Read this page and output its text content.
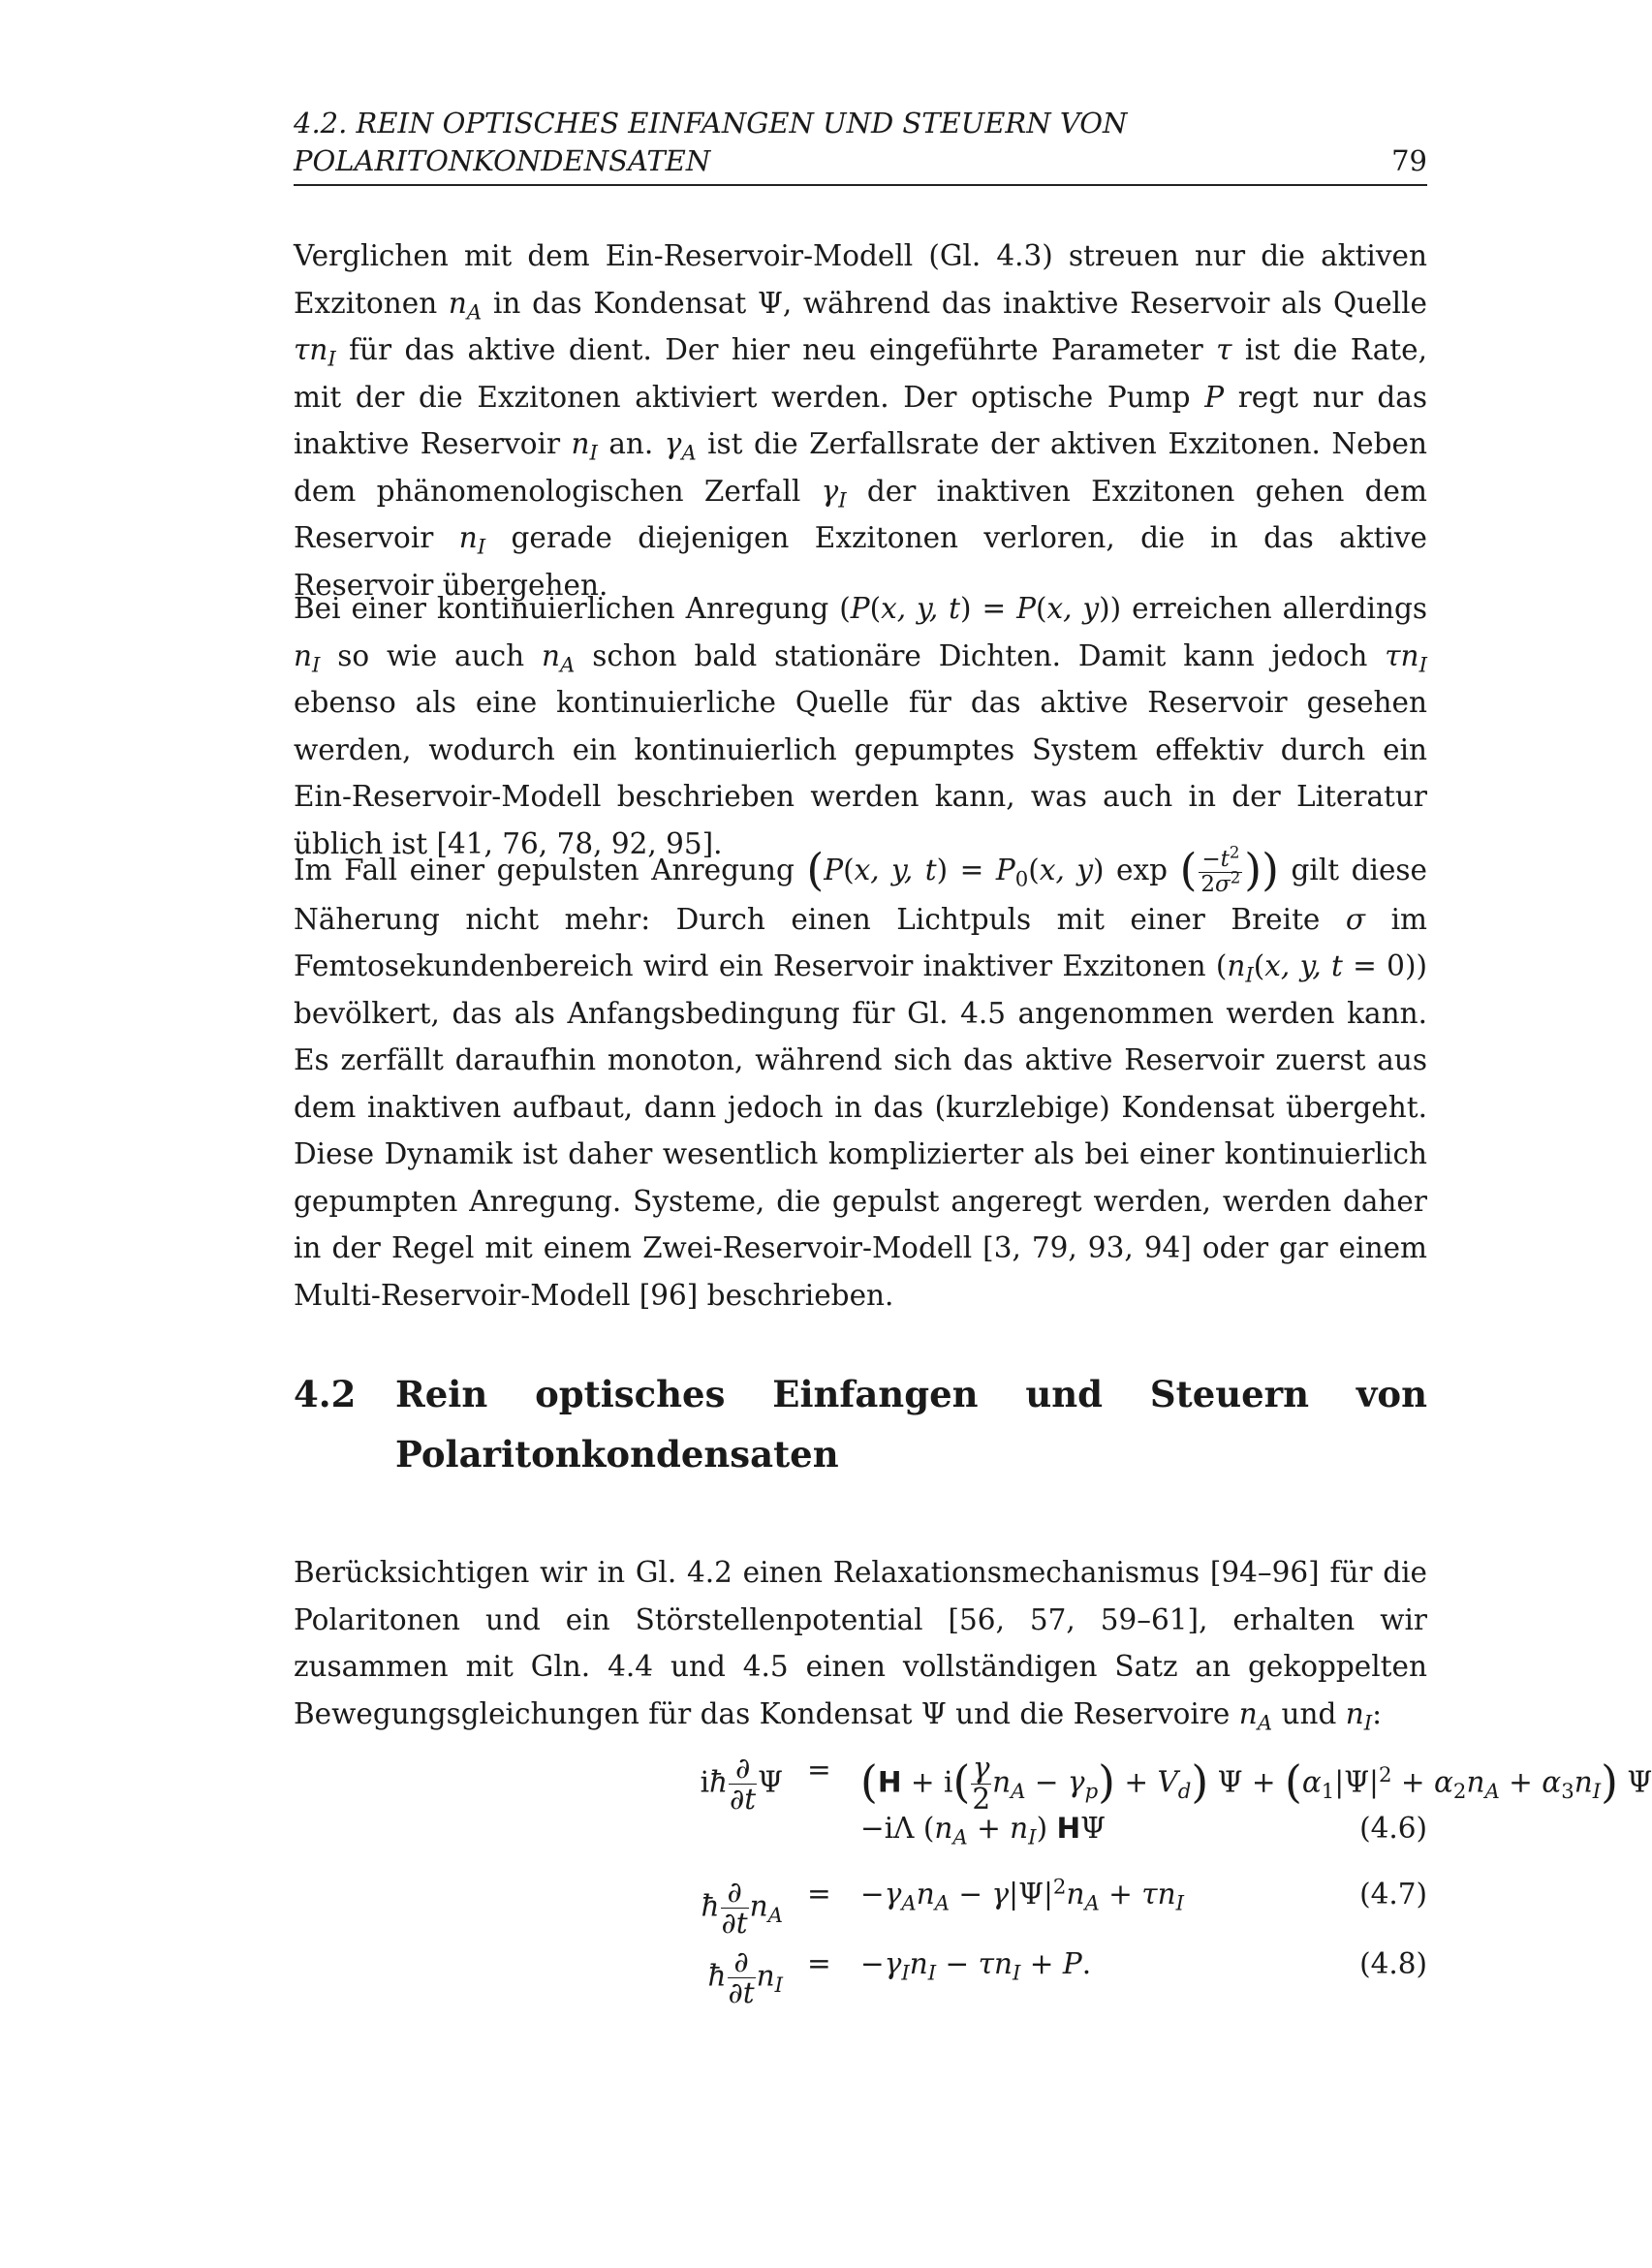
4.2. REIN OPTISCHES EINFANGEN UND STEUERN VON
POLARITONKONDENSATEN	79

Verglichen mit dem Ein-Reservoir-Modell (Gl. 4.3) streuen nur die aktiven Exzitonen $n_A$ in das Kondensat Ψ, während das inaktive Reservoir als Quelle $\tau n_I$ für das aktive dient. Der hier neu eingeführte Parameter τ ist die Rate, mit der die Exzitonen aktiviert werden. Der optische Pump P regt nur das inaktive Reservoir $n_I$ an. $\gamma_A$ ist die Zerfallsrate der aktiven Exzitonen. Neben dem phänomenologischen Zerfall $\gamma_I$ der inaktiven Exzitonen gehen dem Reservoir $n_I$ gerade diejenigen Exzitonen verloren, die in das aktive Reservoir übergehen.

Bei einer kontinuierlichen Anregung (P(x, y, t) = P(x, y)) erreichen allerdings $n_I$ so wie auch $n_A$ schon bald stationäre Dichten. Damit kann jedoch $\tau n_I$ ebenso als eine kontinuierliche Quelle für das aktive Reservoir gesehen werden, wodurch ein kontinuierlich gepumptes System effektiv durch ein Ein-Reservoir-Modell beschrieben werden kann, was auch in der Literatur üblich ist [41, 76, 78, 92, 95].

Im Fall einer gepulsten Anregung (P(x, y, $t) = P_0(x$, y) exp ( $\frac{-t^2}{2\sigma^2}$ )) gilt diese Näherung nicht mehr: Durch einen Lichtpuls mit einer Breite σ im Femtosekundenbereich wird ein Reservoir inaktiver Exzitonen ($n_I(x$, y, t = 0)) bevölkert, das als Anfangsbedingung für Gl. 4.5 angenommen werden kann. Es zerfällt daraufhin monoton, während sich das aktive Reservoir zuerst aus dem inaktiven aufbaut, dann jedoch in das (kurzlebige) Kondensat übergeht. Diese Dynamik ist daher wesentlich komplizierter als bei einer kontinuierlich gepumpten Anregung. Systeme, die gepulst angeregt werden, werden daher in der Regel mit einem Zwei-Reservoir-Modell [3, 79, 93, 94] oder gar einem Multi-Reservoir-Modell [96] beschrieben.

4.2 Rein optisches Einfangen und Steuern von Polaritonkondensaten

Berücksichtigen wir in Gl. 4.2 einen Relaxationsmechanismus [94–96] für die Polaritonen und ein Störstellenpotential [56, 57, 59–61], erhalten wir zusammen mit Gln. 4.4 und 4.5 einen vollständigen Satz an gekoppelten Bewegungsgleichungen für das Kondensat Ψ und die Reservoire $n_A$ und $n_I$:

iħ $\frac{\partial}{\partial t}$ $\Psi = (H + i( \frac{\gamma}{2} n_A - \gamma_p) + V_d)$ $\Psi + (\alpha_1|\Psi|^2 + \alpha_2n_A + \alpha_3n_I)$ Ψ
−iΛ $(n_A + n_I)$ HΨ	(4.6)
ħ $\frac{\partial}{\partial t} n_A$
= $-\gamma_An_A - \gamma|\Psi|^2n_A + \tau n_I$	(4.7)
ħ $\frac{\partial}{\partial t} n_I$
= $-\gamma_In_I - \tau n_I + P$.	(4.8)
